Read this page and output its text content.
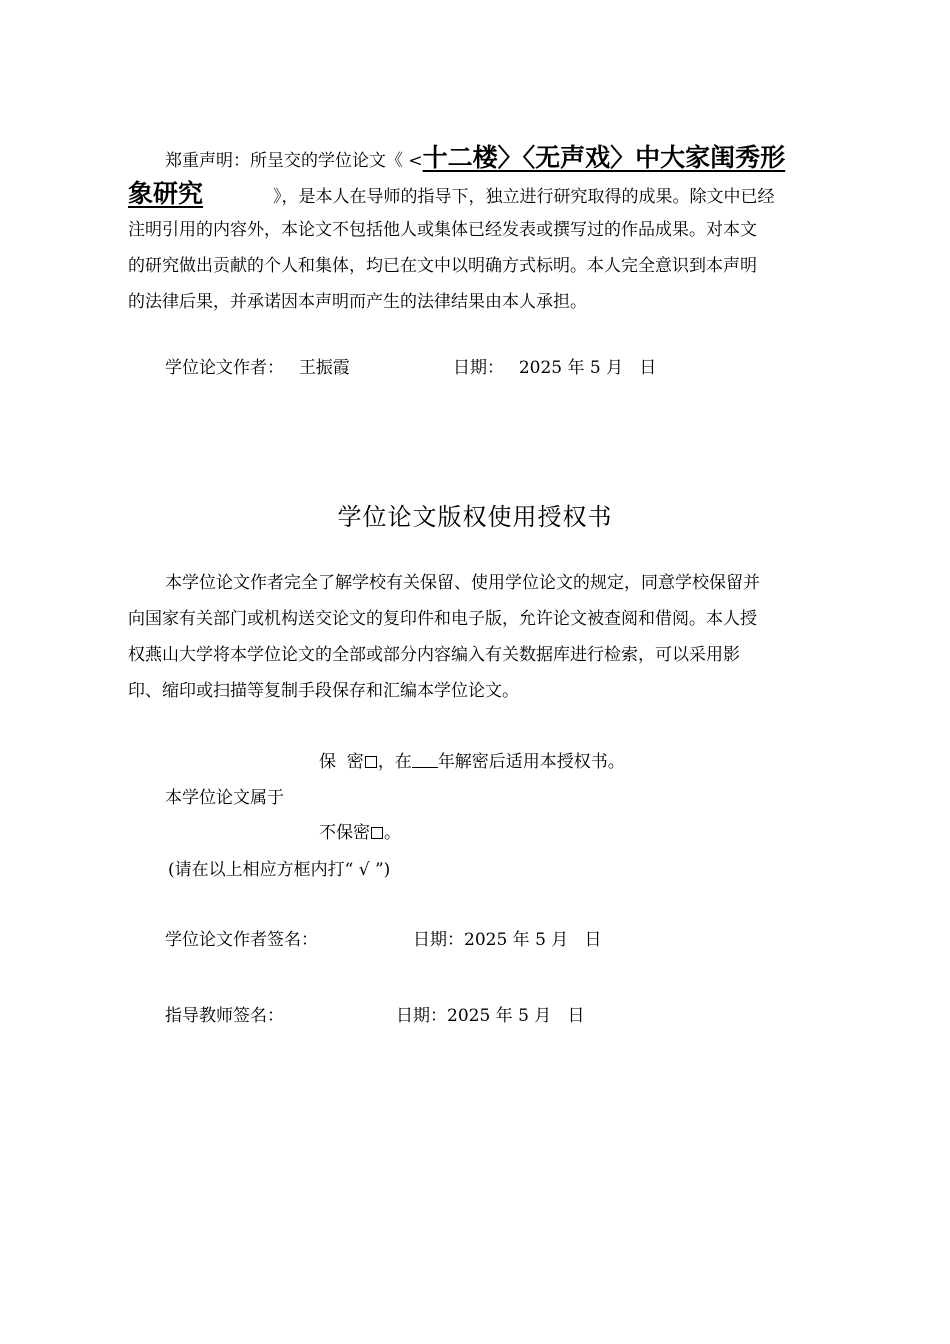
郑重声明：所呈交的学位论文《 <十二楼〉〈无声戏〉中大家闺秀形
象研究	》，是本人在导师的指导下，独立进行研究取得的成果。除文中已经
注明引用的内容外，本论文不包括他人或集体已经发表或撰写过的作品成果。对本文
的研究做出贡献的个人和集体，均已在文中以明确方式标明。本人完全意识到本声明
的法律后果，并承诺因本声明而产生的法律结果由本人承担。
学位论文作者： 王振霞	日期： 2025 年 5 月   日
学位论文版权使用授权书
本学位论文作者完全了解学校有关保留、使用学位论文的规定，同意学校保留并
向国家有关部门或机构送交论文的复印件和电子版，允许论文被查阅和借阅。本人授
权燕山大学将本学位论文的全部或部分内容编入有关数据库进行检索，可以采用影
印、缩印或扫描等复制手段保存和汇编本学位论文。
保  密 ，在 年解密后适用本授权书。
本学位论文属于
不保密 。
(请在以上相应方框内打“ √ ”)
学位论文作者签名：	日期：2025 年 5 月   日
指导教师签名：	日期：2025 年 5 月   日
